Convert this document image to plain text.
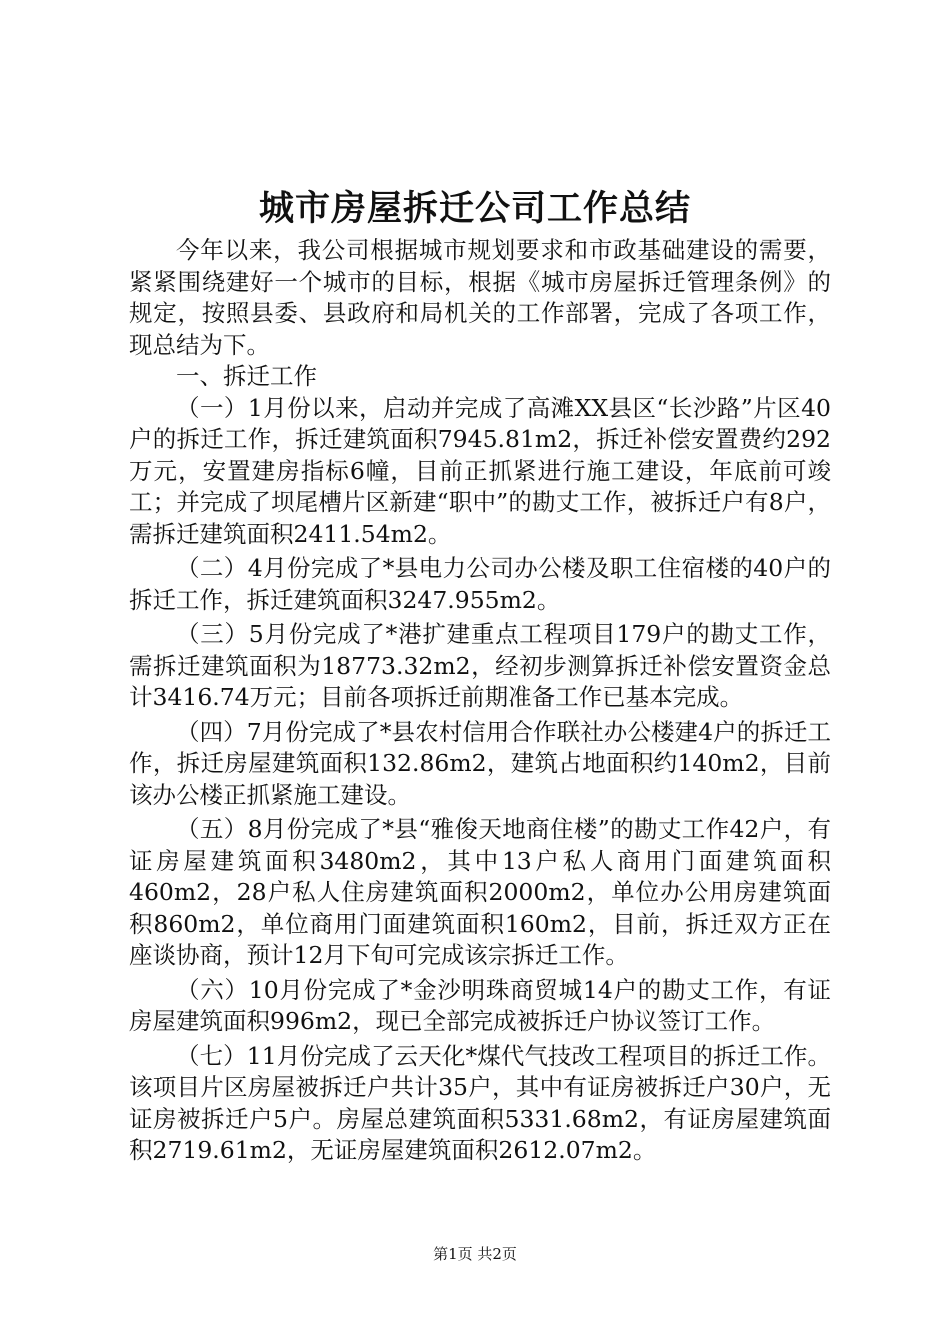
城市房屋拆迁公司工作总结

今年以来，我公司根据城市规划要求和市政基础建设的需要，紧紧围绕建好一个城市的目标，根据《城市房屋拆迁管理条例》的规定，按照县委、县政府和局机关的工作部署，完成了各项工作，现总结为下。

一、拆迁工作

（一）1月份以来，启动并完成了高滩XX县区“长沙路”片区40户的拆迁工作，拆迁建筑面积7945.81m2，拆迁补偿安置费约292万元，安置建房指标6幢，目前正抓紧进行施工建设，年底前可竣工；并完成了坝尾槽片区新建“职中”的勘丈工作，被拆迁户有8户，需拆迁建筑面积2411.54m2。

（二）4月份完成了*县电力公司办公楼及职工住宿楼的40户的拆迁工作，拆迁建筑面积3247.955m2。

（三）5月份完成了*港扩建重点工程项目179户的勘丈工作，需拆迁建筑面积为18773.32m2，经初步测算拆迁补偿安置资金总计3416.74万元；目前各项拆迁前期准备工作已基本完成。

（四）7月份完成了*县农村信用合作联社办公楼建4户的拆迁工作，拆迁房屋建筑面积132.86m2，建筑占地面积约140m2，目前该办公楼正抓紧施工建设。

（五）8月份完成了*县“雅俊天地商住楼”的勘丈工作42户，有证房屋建筑面积3480m2，其中13户私人商用门面建筑面积460m2，28户私人住房建筑面积2000m2，单位办公用房建筑面积860m2，单位商用门面建筑面积160m2，目前，拆迁双方正在座谈协商，预计12月下旬可完成该宗拆迁工作。

（六）10月份完成了*金沙明珠商贸城14户的勘丈工作，有证房屋建筑面积996m2，现已全部完成被拆迁户协议签订工作。

（七）11月份完成了云天化*煤代气技改工程项目的拆迁工作。该项目片区房屋被拆迁户共计35户，其中有证房被拆迁户30户，无证房被拆迁户5户。房屋总建筑面积5331.68m2，有证房屋建筑面积2719.61m2，无证房屋建筑面积2612.07m2。

第1页 共2页
